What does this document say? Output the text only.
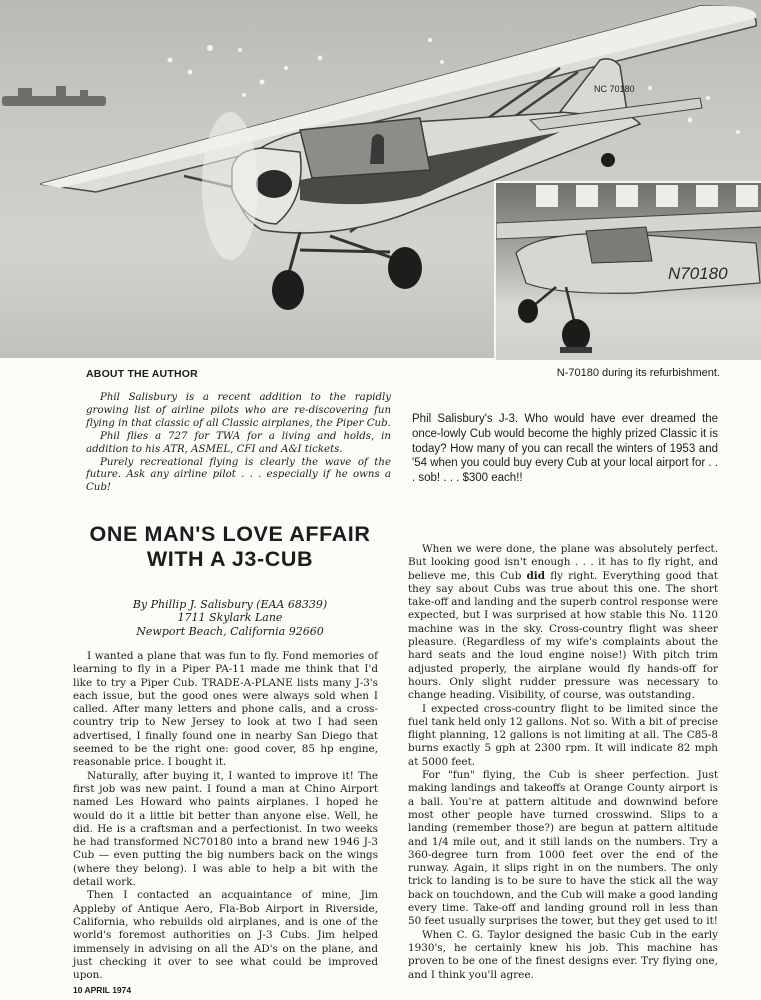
NC 70180
N70180
ABOUT THE AUTHOR	N-70180 during its refurbishment.

Phil Salisbury is a recent addition to the rapidly growing list of airline pilots who are re-discovering fun flying in that classic of all Classic airplanes, the Piper Cub.

Phil flies a 727 for TWA for a living and holds, in addition to his ATR, ASMEL, CFI and A&I tickets.

Purely recreational flying is clearly the wave of the future. Ask any airline pilot . . . especially if he owns a Cub!

Phil Salisbury's J-3. Who would have ever dreamed the once-lowly Cub would become the highly prized Classic it is today? How many of you can recall the winters of 1953 and '54 when you could buy every Cub at your local airport for . . . sob! . . . $300 each!!
ONE MAN'S LOVE AFFAIR
WITH A J3-CUB
By Phillip J. Salisbury (EAA 68339)
1711 Skylark Lane
Newport Beach, California 92660

I wanted a plane that was fun to fly. Fond memories of learning to fly in a Piper PA-11 made me think that I'd like to try a Piper Cub. TRADE-A-PLANE lists many J-3's each issue, but the good ones were always sold when I called. After many letters and phone calls, and a cross-country trip to New Jersey to look at two I had seen advertised, I finally found one in nearby San Diego that seemed to be the right one: good cover, 85 hp engine, reasonable price. I bought it.

Naturally, after buying it, I wanted to improve it! The first job was new paint. I found a man at Chino Airport named Les Howard who paints airplanes. I hoped he would do it a little bit better than anyone else. Well, he did. He is a craftsman and a perfectionist. In two weeks he had transformed NC70180 into a brand new 1946 J-3 Cub — even putting the big numbers back on the wings (where they belong). I was able to help a bit with the detail work.

Then I contacted an acquaintance of mine, Jim Appleby of Antique Aero, Fla-Bob Airport in Riverside, California, who rebuilds old airplanes, and is one of the world's foremost authorities on J-3 Cubs. Jim helped immensely in advising on all the AD's on the plane, and just checking it over to see what could be improved upon.

When we were done, the plane was absolutely perfect. But looking good isn't enough . . . it has to fly right, and believe me, this Cub did fly right. Everything good that they say about Cubs was true about this one. The short take-off and landing and the superb control response were expected, but I was surprised at how stable this No. 1120 machine was in the sky. Cross-country flight was sheer pleasure. (Regardless of my wife's complaints about the hard seats and the loud engine noise!) With pitch trim adjusted properly, the airplane would fly hands-off for hours. Only slight rudder pressure was necessary to change heading. Visibility, of course, was outstanding.

I expected cross-country flight to be limited since the fuel tank held only 12 gallons. Not so. With a bit of precise flight planning, 12 gallons is not limiting at all. The C85-8 burns exactly 5 gph at 2300 rpm. It will indicate 82 mph at 5000 feet.

For "fun" flying, the Cub is sheer perfection. Just making landings and takeoffs at Orange County airport is a ball. You're at pattern altitude and downwind before most other people have turned crosswind. Slips to a landing (remember those?) are begun at pattern altitude and 1/4 mile out, and it still lands on the numbers. Try a 360-degree turn from 1000 feet over the end of the runway. Again, it slips right in on the numbers. The only trick to landing is to be sure to have the stick all the way back on touchdown, and the Cub will make a good landing every time. Take-off and landing ground roll in less than 50 feet usually surprises the tower, but they get used to it!

When C. G. Taylor designed the basic Cub in the early 1930's, he certainly knew his job. This machine has proven to be one of the finest designs ever. Try flying one, and I think you'll agree.

10 APRIL 1974
